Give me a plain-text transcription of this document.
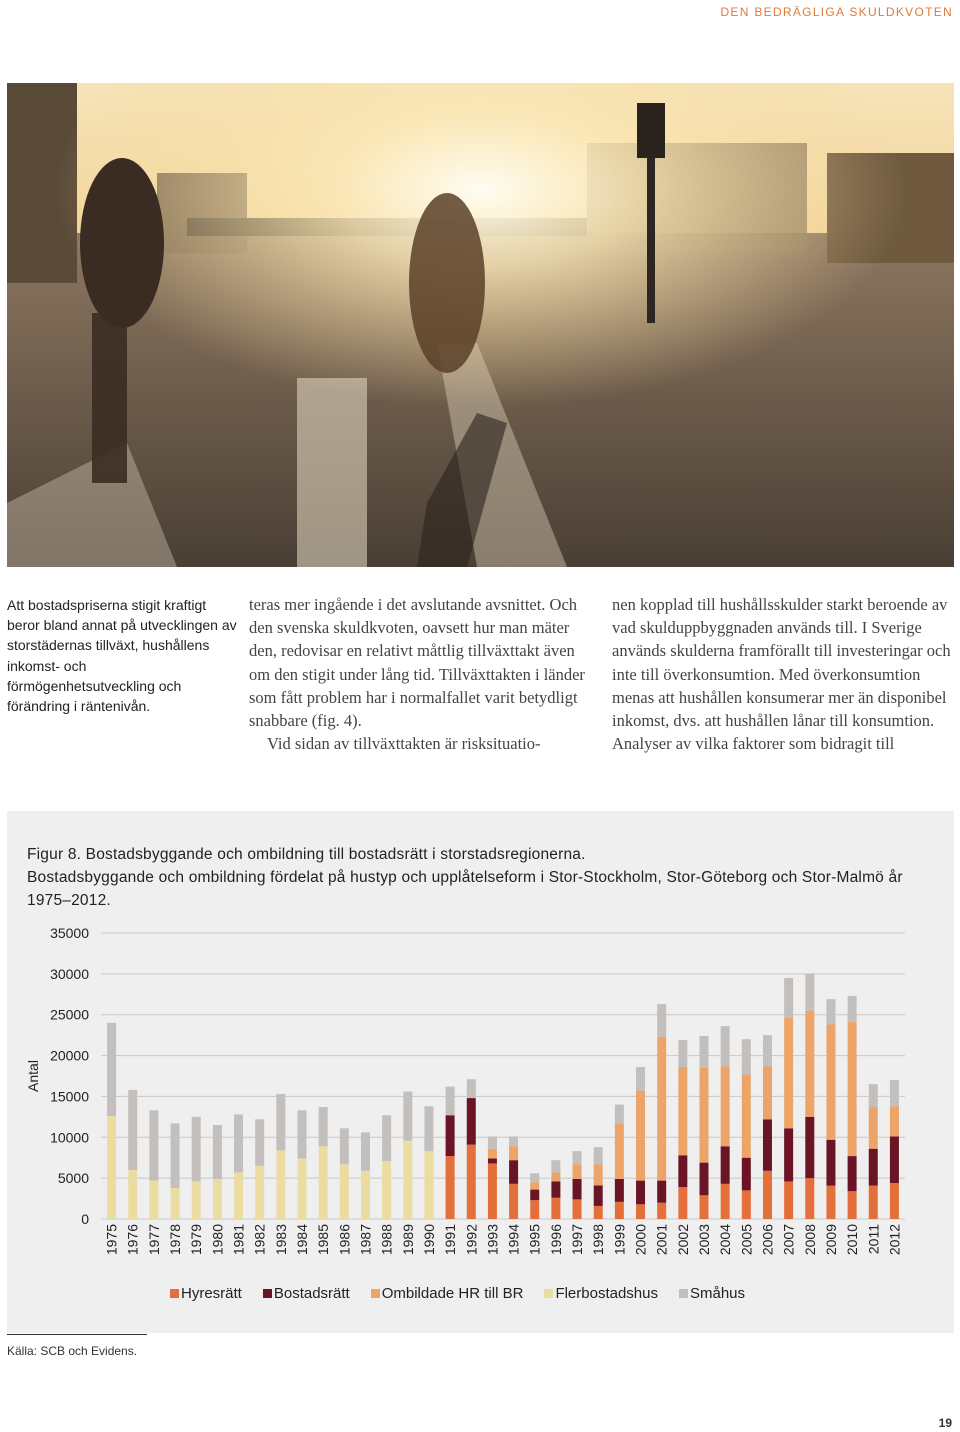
DEN BEDRÄGLIGA SKULDKVOTEN
Att bostadspriserna stigit kraftigt beror bland annat på utvecklingen av storstädernas tillväxt, hushållens inkomst- och förmögenhetsutveckling och förändring i räntenivån.

teras mer ingående i det avslutande avsnittet. Och den svenska skuldkvoten, oavsett hur man mäter den, redovisar en relativt måttlig tillväxttakt även om den stigit under lång tid. Tillväxttakten i länder som fått problem har i normalfallet varit betydligt snabbare (fig. 4).

Vid sidan av tillväxttakten är risksituatio-

nen kopplad till hushållsskulder starkt beroende av vad skulduppbyggnaden används till. I Sverige används skulderna framförallt till investeringar och inte till överkonsumtion. Med överkonsumtion menas att hushållen konsumerar mer än disponibel inkomst, dvs. att hushållen lånar till konsumtion. Analyser av vilka faktorer som bidragit till

Figur 8. Bostadsbyggande och ombildning till bostadsrätt i storstadsregionerna.
Bostadsbyggande och ombildning fördelat på hustyp och upplåtelseform i Stor-Stockholm, Stor-Göteborg och Stor-Malmö år 1975–2012.
0
5000
10000
15000
20000
25000
30000
35000
Antal
1975 1976 1977 1978 1979 1980 1981 1982 1983 1984 1985 1986 1987 1988 1989 1990 1991 1992 1993 1994 1995 1996 1997 1998 1999 2000 2001 2002 2003 2004 2005 2006 2007 2008 2009 2010 2011 2012
Hyresrätt Bostadsrätt Ombildade HR till BR Flerbostadshus Småhus
Källa: SCB och Evidens.
19
